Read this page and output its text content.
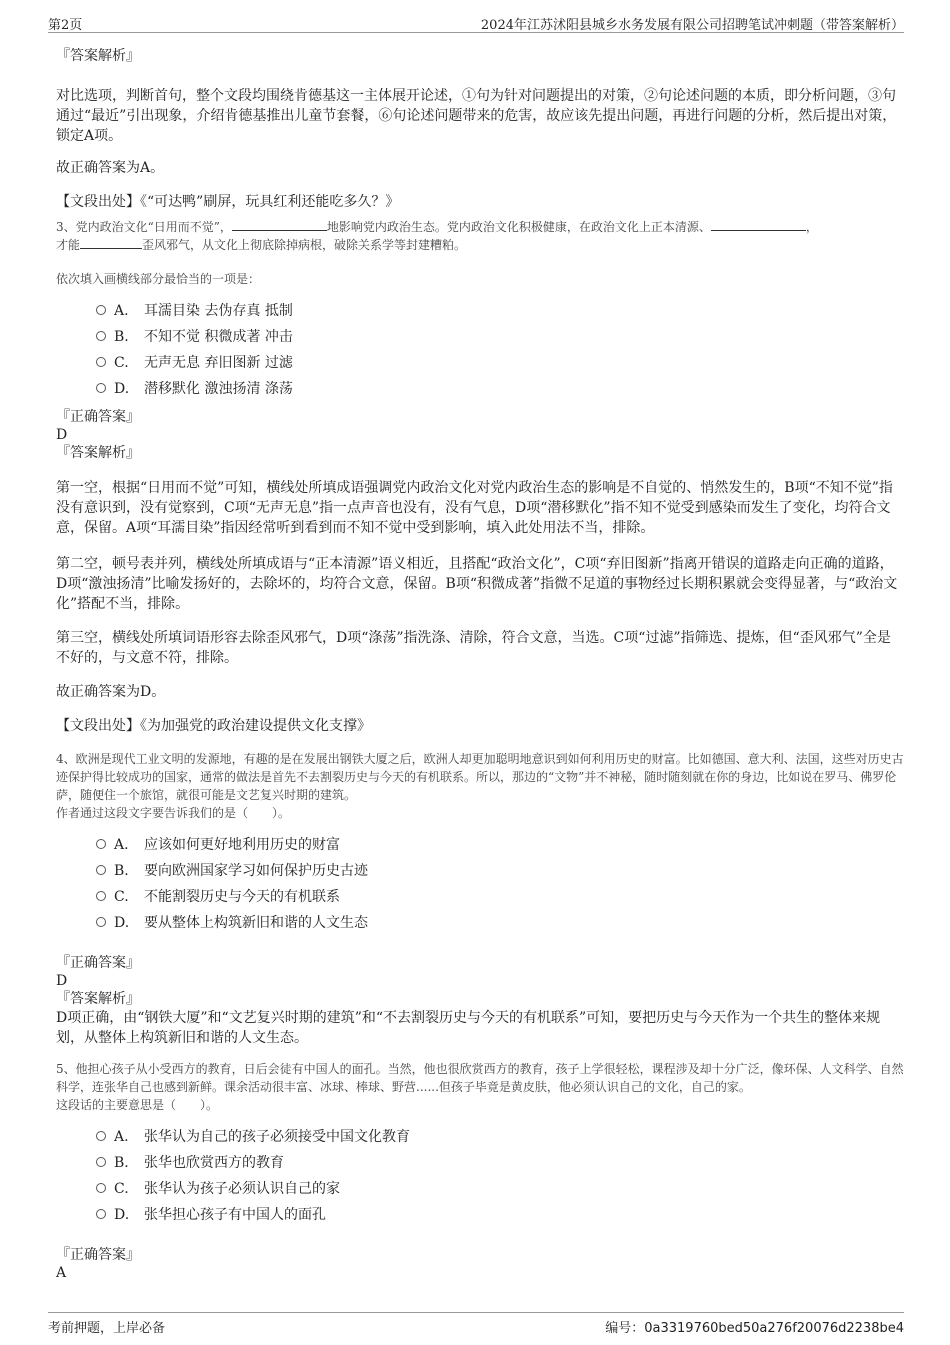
第2页	2024年江苏沭阳县城乡水务发展有限公司招聘笔试冲刺题（带答案解析）
『答案解析』
对比选项，判断首句，整个文段均围绕肯德基这一主体展开论述，①句为针对问题提出的对策，②句论述问题的本质，即分析问题，③句通过“最近”引出现象，介绍肯德基推出儿童节套餐，⑥句论述问题带来的危害，故应该先提出问题，再进行问题的分析，然后提出对策，锁定A项。
故正确答案为A。
【文段出处】《“可达鸭”刷屏，玩具红利还能吃多久？》
3、党内政治文化“日用而不觉”，	地影响党内政治生态。党内政治文化积极健康，在政治文化上正本清源、	，
才能	歪风邪气，从文化上彻底除掉病根，破除关系学等封建糟粕。
依次填入画横线部分最恰当的一项是：
A. 耳濡目染 去伪存真 抵制
B. 不知不觉 积微成著 冲击
C. 无声无息 弃旧图新 过滤
D. 潜移默化 激浊扬清 涤荡
『正确答案』
D
『答案解析』
第一空，根据“日用而不觉”可知，横线处所填成语强调党内政治文化对党内政治生态的影响是不自觉的、悄然发生的，B项“不知不觉”指没有意识到，没有觉察到，C项“无声无息”指一点声音也没有，没有气息，D项“潜移默化”指不知不觉受到感染而发生了变化，均符合文意，保留。A项“耳濡目染”指因经常听到看到而不知不觉中受到影响，填入此处用法不当，排除。
第二空，顿号表并列，横线处所填成语与“正本清源”语义相近，且搭配“政治文化”，C项“弃旧图新”指离开错误的道路走向正确的道路，D项“激浊扬清”比喻发扬好的，去除坏的，均符合文意，保留。B项“积微成著”指微不足道的事物经过长期积累就会变得显著，与“政治文化”搭配不当，排除。
第三空，横线处所填词语形容去除歪风邪气，D项“涤荡”指洗涤、清除，符合文意，当选。C项“过滤”指筛选、提炼，但“歪风邪气”全是不好的，与文意不符，排除。
故正确答案为D。
【文段出处】《为加强党的政治建设提供文化支撑》
4、欧洲是现代工业文明的发源地，有趣的是在发展出钢铁大厦之后，欧洲人却更加聪明地意识到如何利用历史的财富。比如德国、意大利、法国，这些对历史古迹保护得比较成功的国家，通常的做法是首先不去割裂历史与今天的有机联系。所以，那边的“文物”并不神秘，随时随刻就在你的身边，比如说在罗马、佛罗伦萨，随便住一个旅馆，就很可能是文艺复兴时期的建筑。
作者通过这段文字要告诉我们的是（　　）。
A. 应该如何更好地利用历史的财富
B. 要向欧洲国家学习如何保护历史古迹
C. 不能割裂历史与今天的有机联系
D. 要从整体上构筑新旧和谐的人文生态
『正确答案』
D
『答案解析』
D项正确，由“钢铁大厦”和“文艺复兴时期的建筑”和“不去割裂历史与今天的有机联系”可知，要把历史与今天作为一个共生的整体来规划，从整体上构筑新旧和谐的人文生态。
5、他担心孩子从小受西方的教育，日后会徒有中国人的面孔。当然，他也很欣赏西方的教育，孩子上学很轻松，课程涉及却十分广泛，像环保、人文科学、自然科学，连张华自己也感到新鲜。课余活动很丰富、冰球、棒球、野营......但孩子毕竟是黄皮肤，他必须认识自己的文化，自己的家。
这段话的主要意思是（　　）。
A. 张华认为自己的孩子必须接受中国文化教育
B. 张华也欣赏西方的教育
C. 张华认为孩子必须认识自己的家
D. 张华担心孩子有中国人的面孔
『正确答案』
A
考前押题，上岸必备	编号：0a3319760bed50a276f20076d2238be4
